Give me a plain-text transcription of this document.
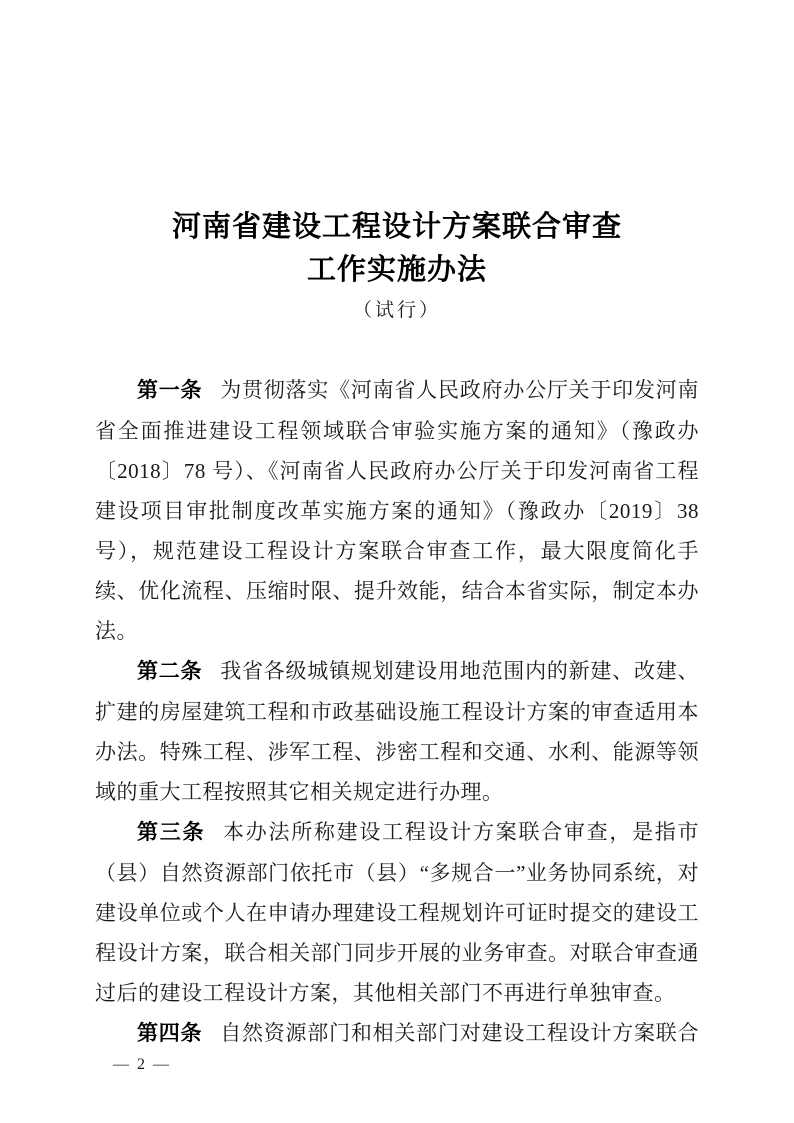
河南省建设工程设计方案联合审查
工作实施办法
（试行）

第一条 为贯彻落实《河南省人民政府办公厅关于印发河南省全面推进建设工程领域联合审验实施方案的通知》（豫政办〔2018〕78 号）、《河南省人民政府办公厅关于印发河南省工程建设项目审批制度改革实施方案的通知》（豫政办〔2019〕38 号），规范建设工程设计方案联合审查工作，最大限度简化手续、优化流程、压缩时限、提升效能，结合本省实际，制定本办法。

第二条 我省各级城镇规划建设用地范围内的新建、改建、扩建的房屋建筑工程和市政基础设施工程设计方案的审查适用本办法。特殊工程、涉军工程、涉密工程和交通、水利、能源等领域的重大工程按照其它相关规定进行办理。

第三条 本办法所称建设工程设计方案联合审查，是指市（县）自然资源部门依托市（县）“多规合一”业务协同系统，对建设单位或个人在申请办理建设工程规划许可证时提交的建设工程设计方案，联合相关部门同步开展的业务审查。对联合审查通过后的建设工程设计方案，其他相关部门不再进行单独审查。

第四条 自然资源部门和相关部门对建设工程设计方案联合

— 2 —
